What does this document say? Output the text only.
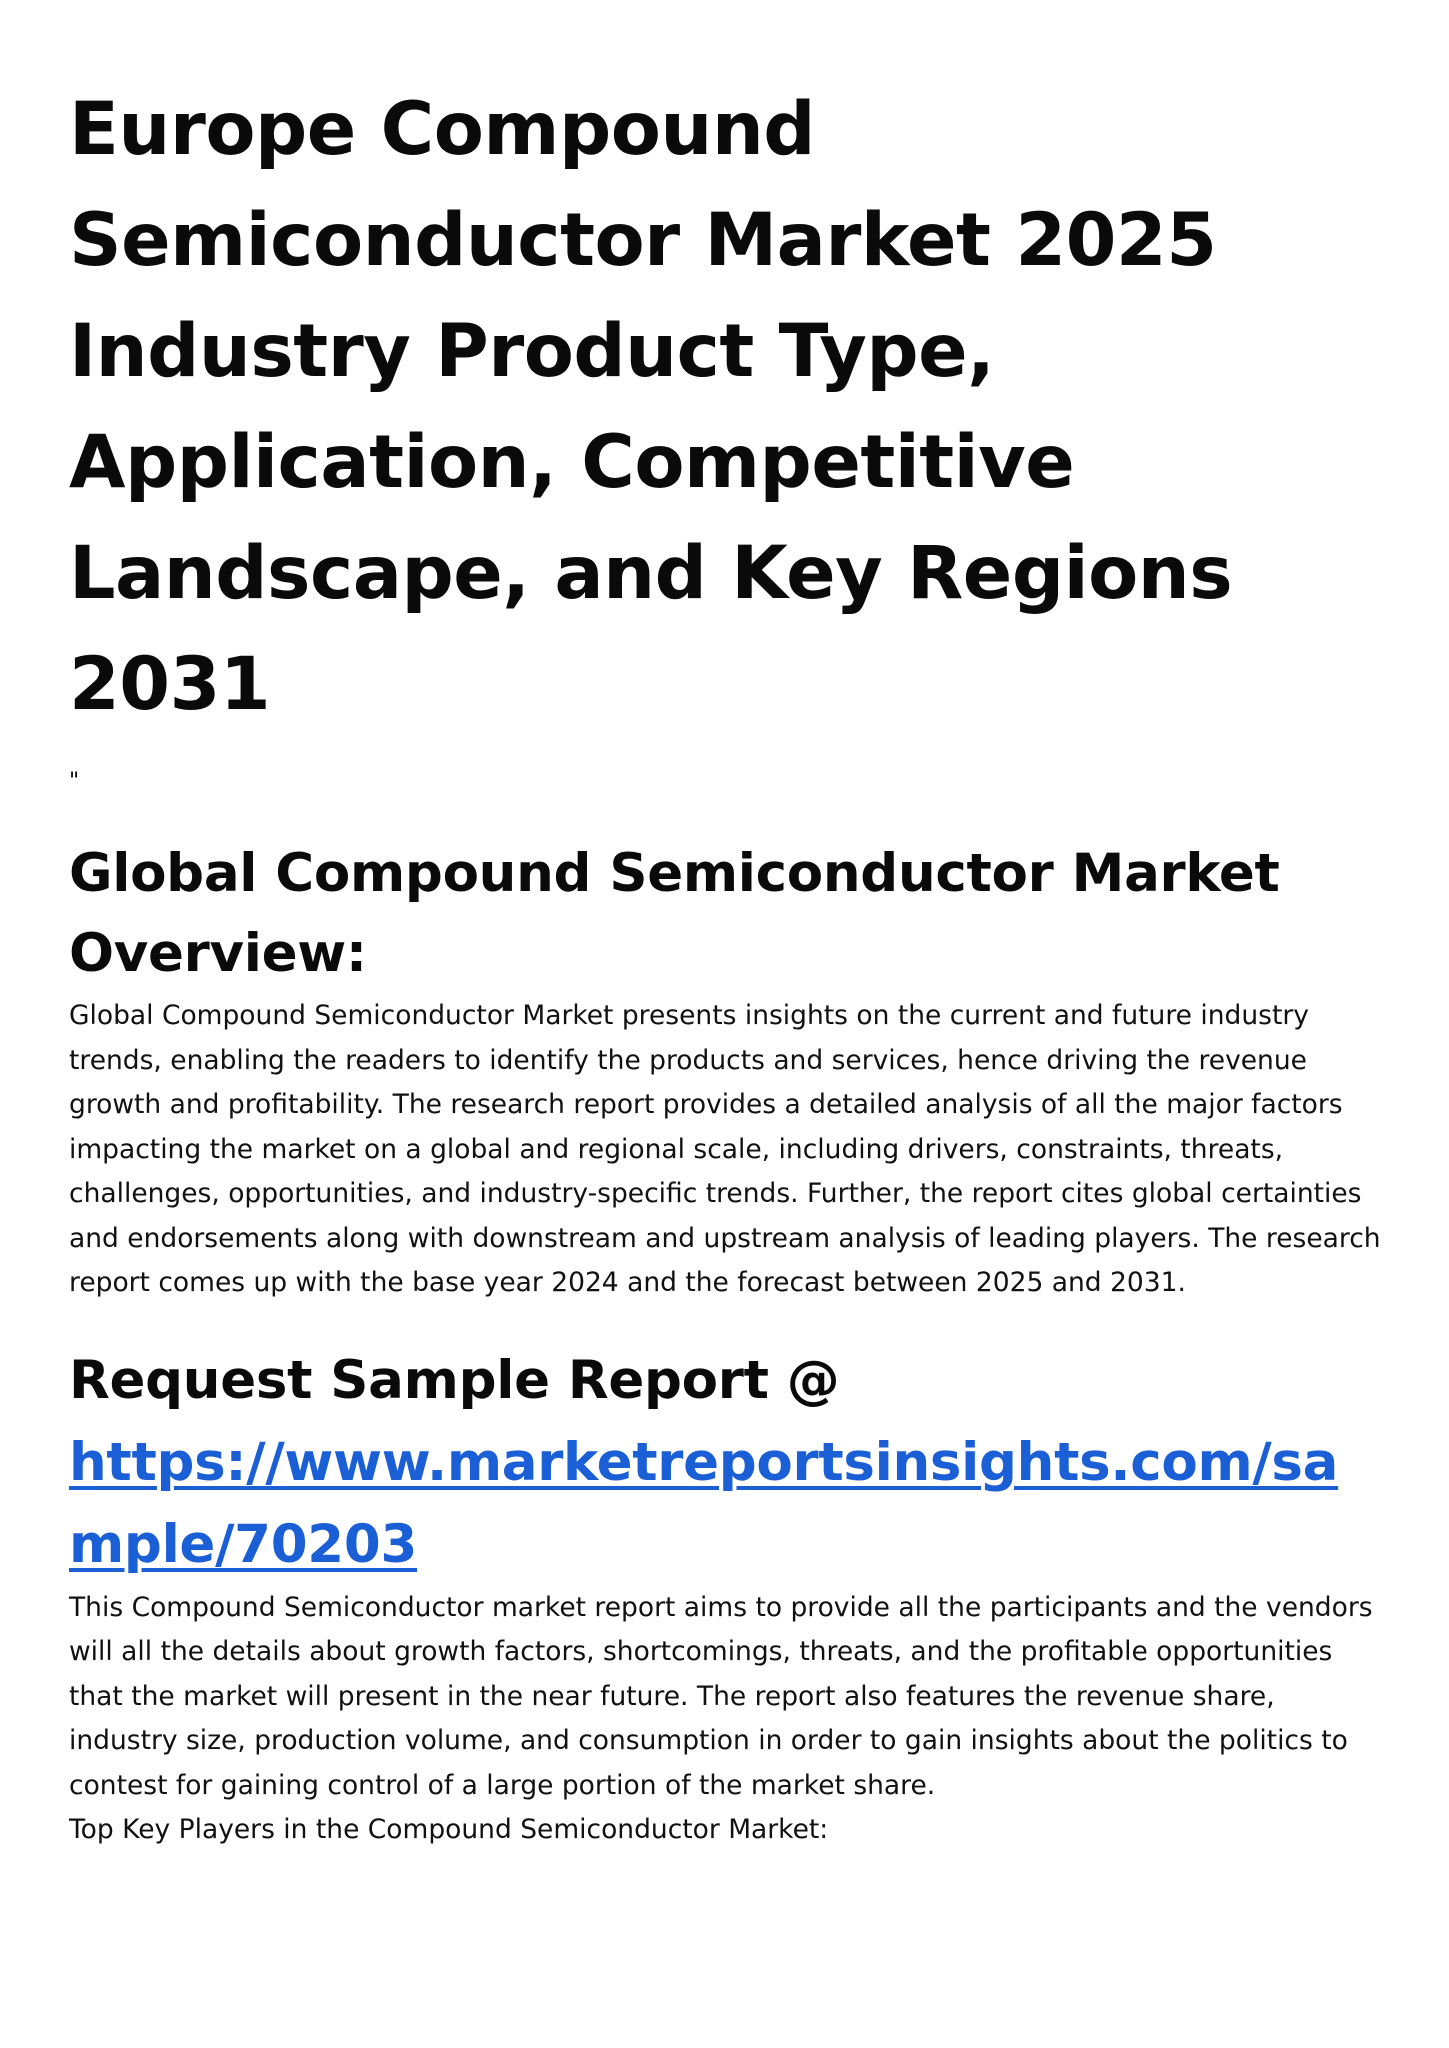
Europe Compound Semiconductor Market 2025 Industry Product Type, Application, Competitive Landscape, and Key Regions 2031
"
Global Compound Semiconductor Market Overview:

Global Compound Semiconductor Market presents insights on the current and future industry trends, enabling the readers to identify the products and services, hence driving the revenue growth and profitability. The research report provides a detailed analysis of all the major factors impacting the market on a global and regional scale, including drivers, constraints, threats, challenges, opportunities, and industry-specific trends. Further, the report cites global certainties and endorsements along with downstream and upstream analysis of leading players. The research report comes up with the base year 2024 and the forecast between 2025 and 2031.

Request Sample Report @
https://www.marketreportsinsights.com/sample/70203

This Compound Semiconductor market report aims to provide all the participants and the vendors will all the details about growth factors, shortcomings, threats, and the profitable opportunities that the market will present in the near future. The report also features the revenue share, industry size, production volume, and consumption in order to gain insights about the politics to contest for gaining control of a large portion of the market share.

Top Key Players in the Compound Semiconductor Market:
